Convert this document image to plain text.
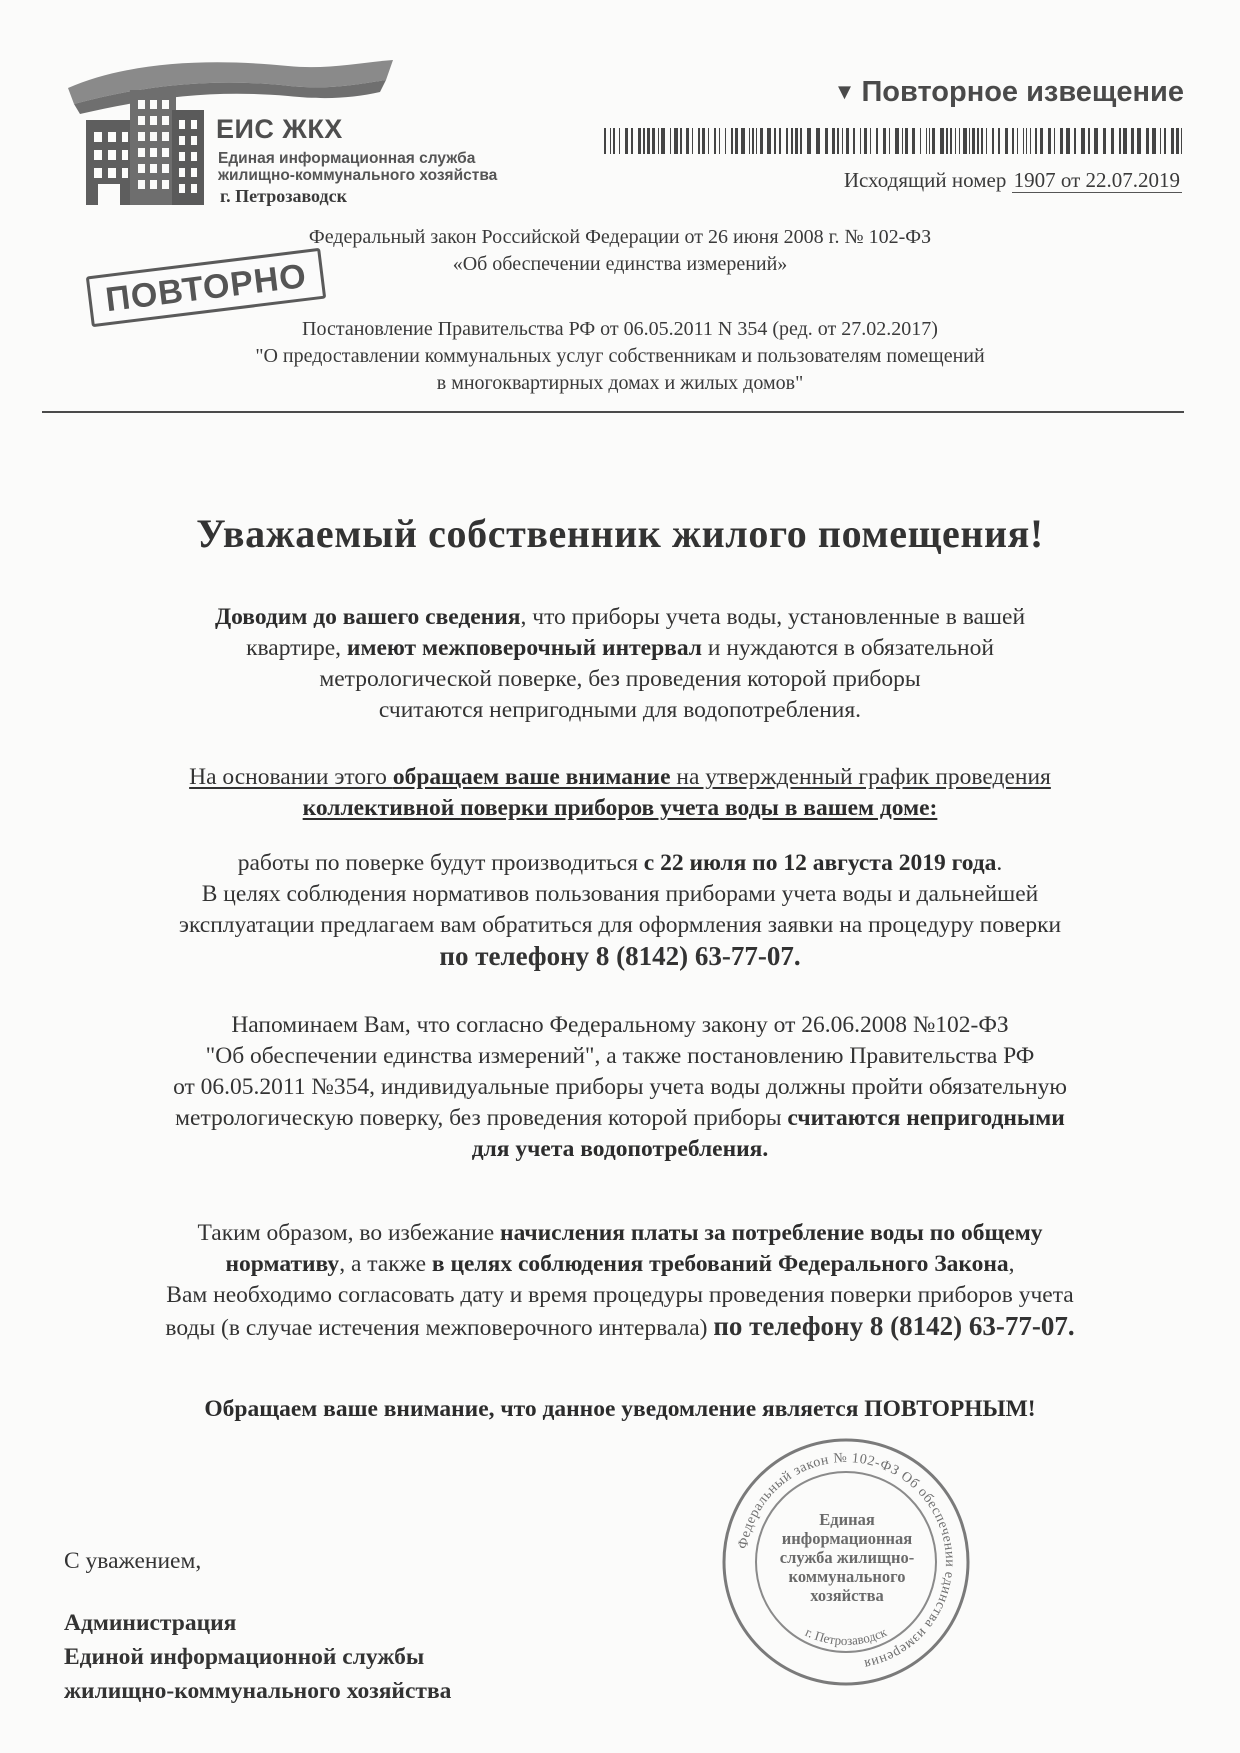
ЕИС ЖКХ

Единая информационная служба
жилищно-коммунального хозяйства

г. Петрозаводск

▼ Повторное извещение

Исходящий номер 1907 от 22.07.2019

Федеральный закон Российской Федерации от 26 июня 2008 г. № 102-ФЗ

«Об обеспечении единства измерений»

ПОВТОРНО

Постановление Правительства РФ от 06.05.2011 N 354 (ред. от 27.02.2017)

"О предоставлении коммунальных услуг собственникам и пользователям помещений

в многоквартирных домах и жилых домов"

Уважаемый собственник жилого помещения!

Доводим до вашего сведения, что приборы учета воды, установленные в вашей
квартире, имеют межповерочный интервал и нуждаются в обязательной
метрологической поверке, без проведения которой приборы
считаются непригодными для водопотребления.

На основании этого обращаем ваше внимание на утвержденный график проведения
коллективной поверки приборов учета воды в вашем доме:

работы по поверке будут производиться с 22 июля по 12 августа 2019 года.
В целях соблюдения нормативов пользования приборами учета воды и дальнейшей
эксплуатации предлагаем вам обратиться для оформления заявки на процедуру поверки
по телефону 8 (8142) 63-77-07.

Напоминаем Вам, что согласно Федеральному закону от 26.06.2008 №102-ФЗ
"Об обеспечении единства измерений", а также постановлению Правительства РФ
от 06.05.2011 №354, индивидуальные приборы учета воды должны пройти обязательную
метрологическую поверку, без проведения которой приборы считаются непригодными
для учета водопотребления.

Таким образом, во избежание начисления платы за потребление воды по общему
нормативу, а также в целях соблюдения требований Федерального Закона,
Вам необходимо согласовать дату и время процедуры проведения поверки приборов учета
воды (в случае истечения межповерочного интервала) по телефону 8 (8142) 63-77-07.

Обращаем ваше внимание, что данное уведомление является ПОВТОРНЫМ!

С уважением,

Администрация
Единой информационной службы
жилищно-коммунального хозяйства

Федеральный закон № 102-ФЗ Об обеспечении единства измерения
г. Петрозаводск

Единая
информационная
служба жилищно-
коммунального
хозяйства
